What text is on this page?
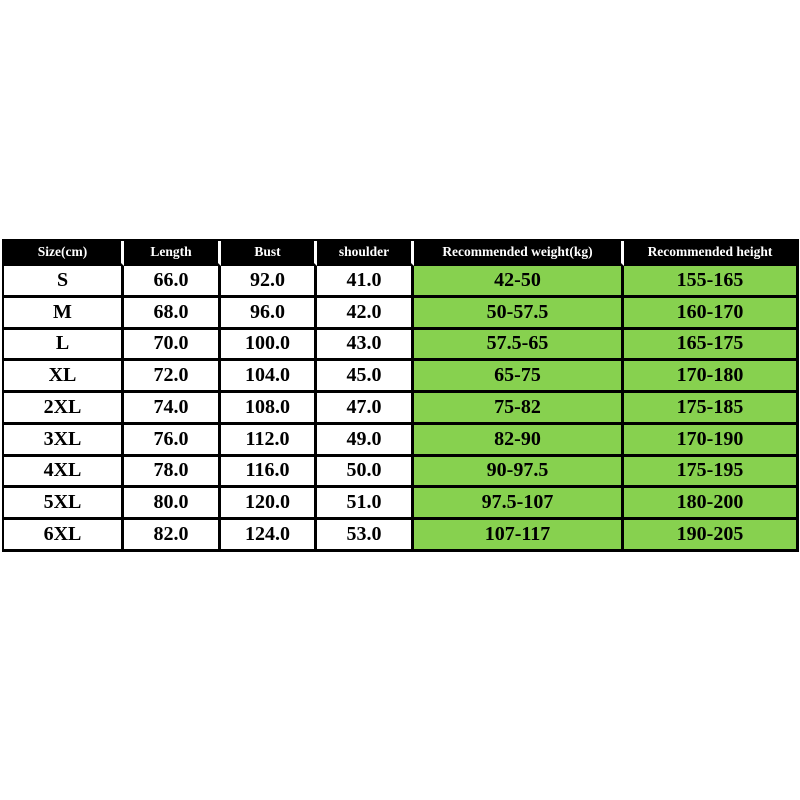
Size(cm)	Length	Bust	shoulder	Recommended weight(kg)	Recommended height
S	66.0	92.0	41.0	42-50	155-165
M	68.0	96.0	42.0	50-57.5	160-170
L	70.0	100.0	43.0	57.5-65	165-175
XL	72.0	104.0	45.0	65-75	170-180
2XL	74.0	108.0	47.0	75-82	175-185
3XL	76.0	112.0	49.0	82-90	170-190
4XL	78.0	116.0	50.0	90-97.5	175-195
5XL	80.0	120.0	51.0	97.5-107	180-200
6XL	82.0	124.0	53.0	107-117	190-205
